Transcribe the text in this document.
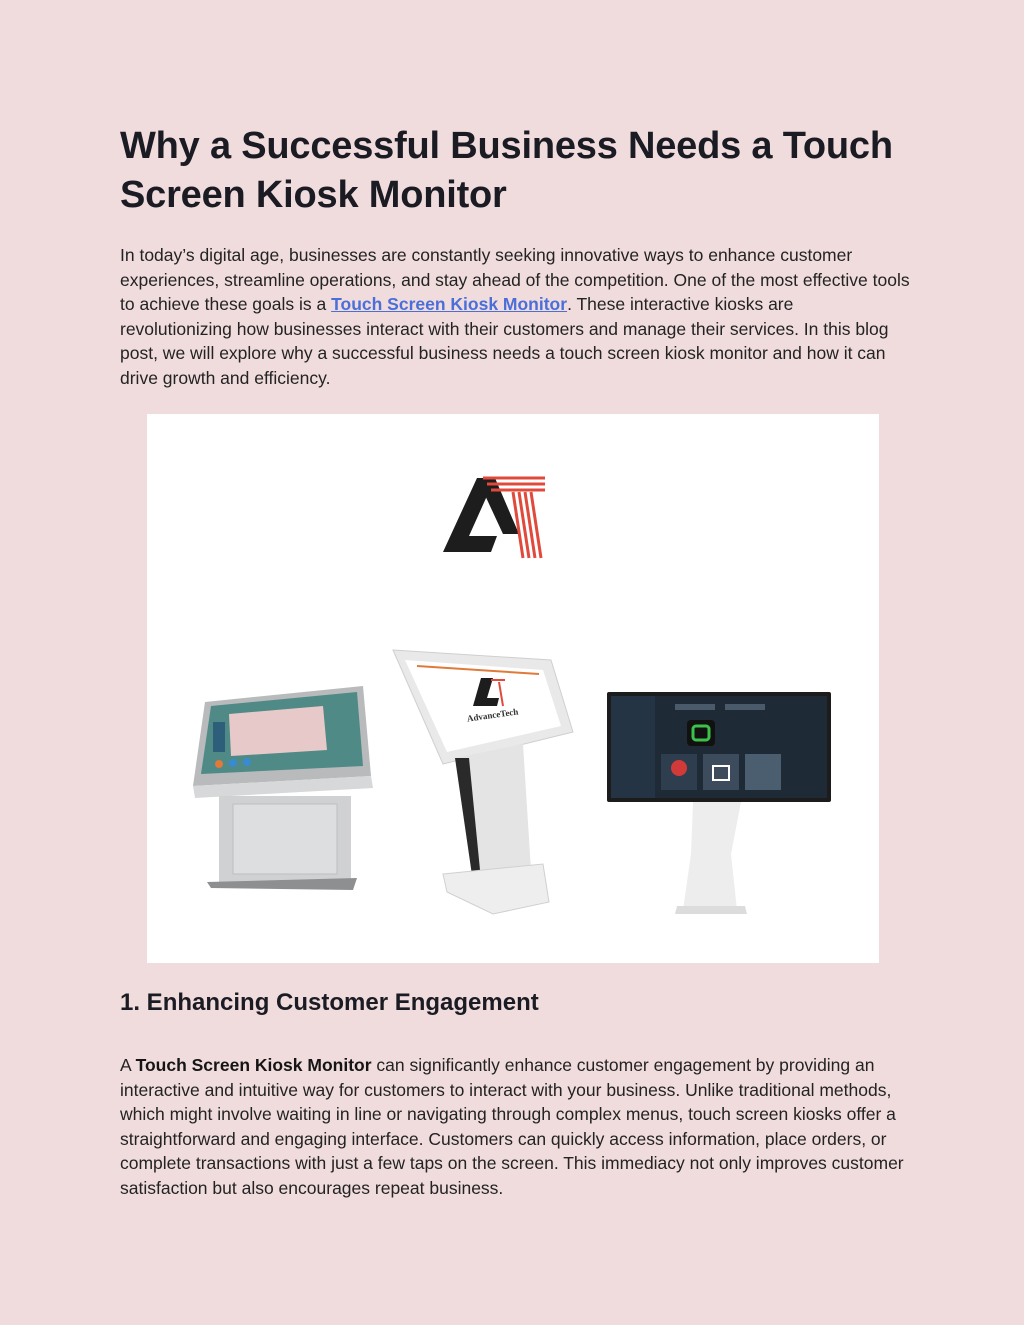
Why a Successful Business Needs a Touch
Screen Kiosk Monitor

In today’s digital age, businesses are constantly seeking innovative ways to enhance customer experiences, streamline operations, and stay ahead of the competition. One of the most effective tools to achieve these goals is a Touch Screen Kiosk Monitor. These interactive kiosks are revolutionizing how businesses interact with their customers and manage their services. In this blog post, we will explore why a successful business needs a touch screen kiosk monitor and how it can drive growth and efficiency.

AdvanceTech
1. Enhancing Customer Engagement

A Touch Screen Kiosk Monitor can significantly enhance customer engagement by providing an interactive and intuitive way for customers to interact with your business. Unlike traditional methods, which might involve waiting in line or navigating through complex menus, touch screen kiosks offer a straightforward and engaging interface. Customers can quickly access information, place orders, or complete transactions with just a few taps on the screen. This immediacy not only improves customer satisfaction but also encourages repeat business.
